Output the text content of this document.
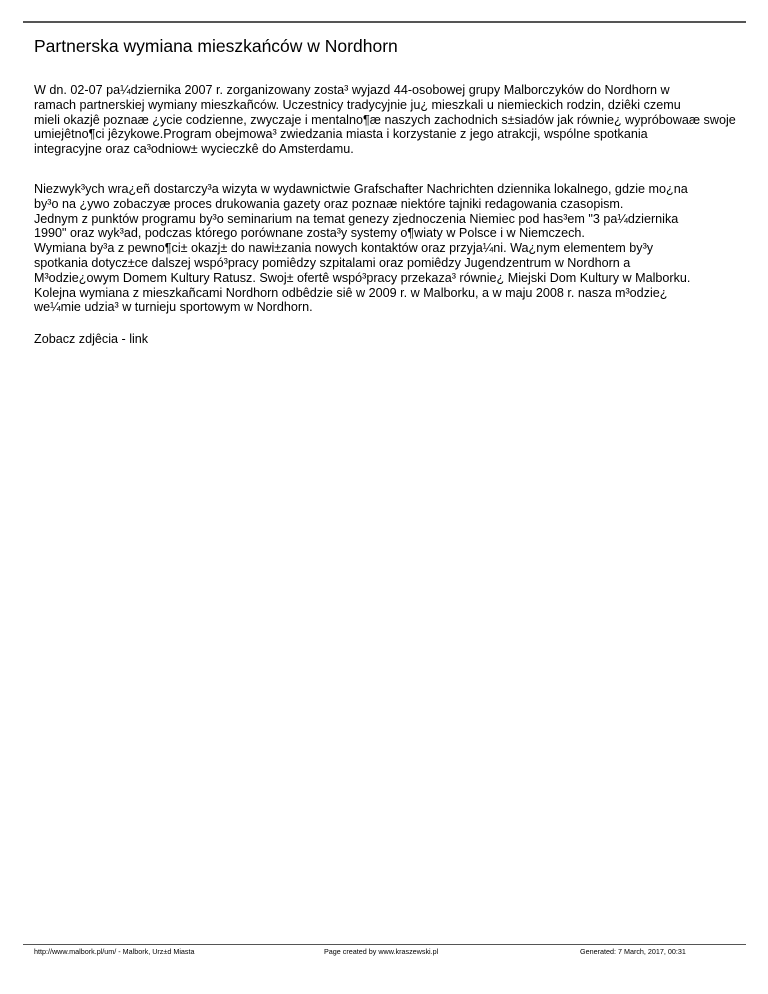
Partnerska wymiana mieszkańców w Nordhorn
W dn. 02-07 pa¼dziernika 2007 r. zorganizowany zosta³ wyjazd 44-osobowej grupy Malborczyków do Nordhorn w
ramach partnerskiej wymiany mieszkañców. Uczestnicy tradycyjnie ju¿ mieszkali u niemieckich rodzin, dziêki czemu
mieli okazjê poznaæ ¿ycie codzienne, zwyczaje i mentalno¶æ naszych zachodnich s±siadów jak równie¿ wypróbowaæ swoje
umiejêtno¶ci jêzykowe.Program obejmowa³ zwiedzania miasta i korzystanie z jego atrakcji, wspólne spotkania
integracyjne oraz ca³odniow± wycieczkê do Amsterdamu.
Niezwyk³ych wra¿eñ dostarczy³a wizyta w wydawnictwie Grafschafter Nachrichten dziennika lokalnego, gdzie mo¿na
by³o na ¿ywo zobaczyæ proces drukowania gazety oraz poznaæ niektóre tajniki redagowania czasopism.
Jednym z punktów programu by³o seminarium na temat genezy zjednoczenia Niemiec pod has³em "3 pa¼dziernika
1990" oraz wyk³ad, podczas którego porównane zosta³y systemy o¶wiaty w Polsce i w Niemczech.
Wymiana by³a z pewno¶ci± okazj± do nawi±zania nowych kontaktów oraz przyja¼ni. Wa¿nym elementem by³y
spotkania dotycz±ce dalszej wspó³pracy pomiêdzy szpitalami oraz pomiêdzy Jugendzentrum w Nordhorn a
M³odzie¿owym Domem Kultury Ratusz. Swoj± ofertê wspó³pracy przekaza³ równie¿ Miejski Dom Kultury w Malborku.
Kolejna wymiana z mieszkañcami Nordhorn odbêdzie siê w 2009 r. w Malborku, a w maju 2008 r. nasza m³odzie¿
we¼mie udzia³ w turnieju sportowym w Nordhorn.
Zobacz zdjêcia - link
http://www.malbork.pl/um/ - Malbork, Urz±d Miasta	Page created by www.kraszewski.pl	Generated: 7 March, 2017, 00:31
